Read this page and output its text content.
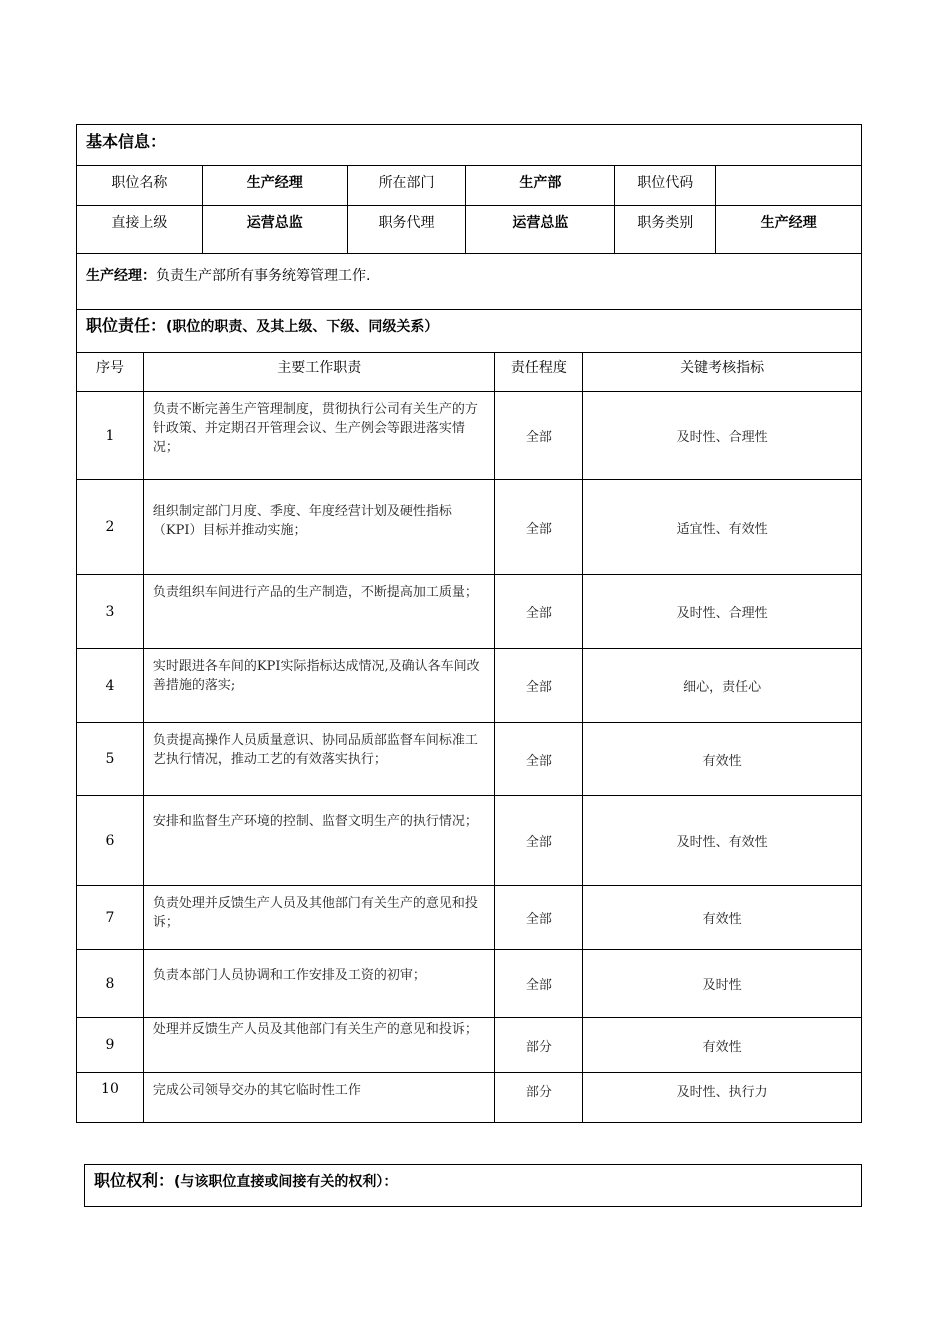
基本信息：
职位名称	生产经理	所在部门	生产部	职位代码	
直接上级	运营总监	职务代理	运营总监	职务类别	生产经理
生产经理：负责生产部所有事务统筹管理工作.
职位责任：(职位的职责、及其上级、下级、同级关系）
序号	主要工作职责	责任程度	关键考核指标
1	负责不断完善生产管理制度，贯彻执行公司有关生产的方针政策、并定期召开管理会议、生产例会等跟进落实情况；	全部	及时性、合理性
2	组织制定部门月度、季度、年度经营计划及硬性指标（KPI）目标并推动实施；	全部	适宜性、有效性
3	负责组织车间进行产品的生产制造，不断提高加工质量；	全部	及时性、合理性
4	实时跟进各车间的KPI实际指标达成情况,及确认各车间改善措施的落实;	全部	细心，责任心
5	负责提高操作人员质量意识、协同品质部监督车间标准工艺执行情况，推动工艺的有效落实执行；	全部	有效性
6	安排和监督生产环境的控制、监督文明生产的执行情况；	全部	及时性、有效性
7	负责处理并反馈生产人员及其他部门有关生产的意见和投诉；	全部	有效性
8	负责本部门人员协调和工作安排及工资的初审；	全部	及时性
9	处理并反馈生产人员及其他部门有关生产的意见和投诉；	部分	有效性
10	完成公司领导交办的其它临时性工作	部分	及时性、执行力
职位权利：(与该职位直接或间接有关的权利）：
